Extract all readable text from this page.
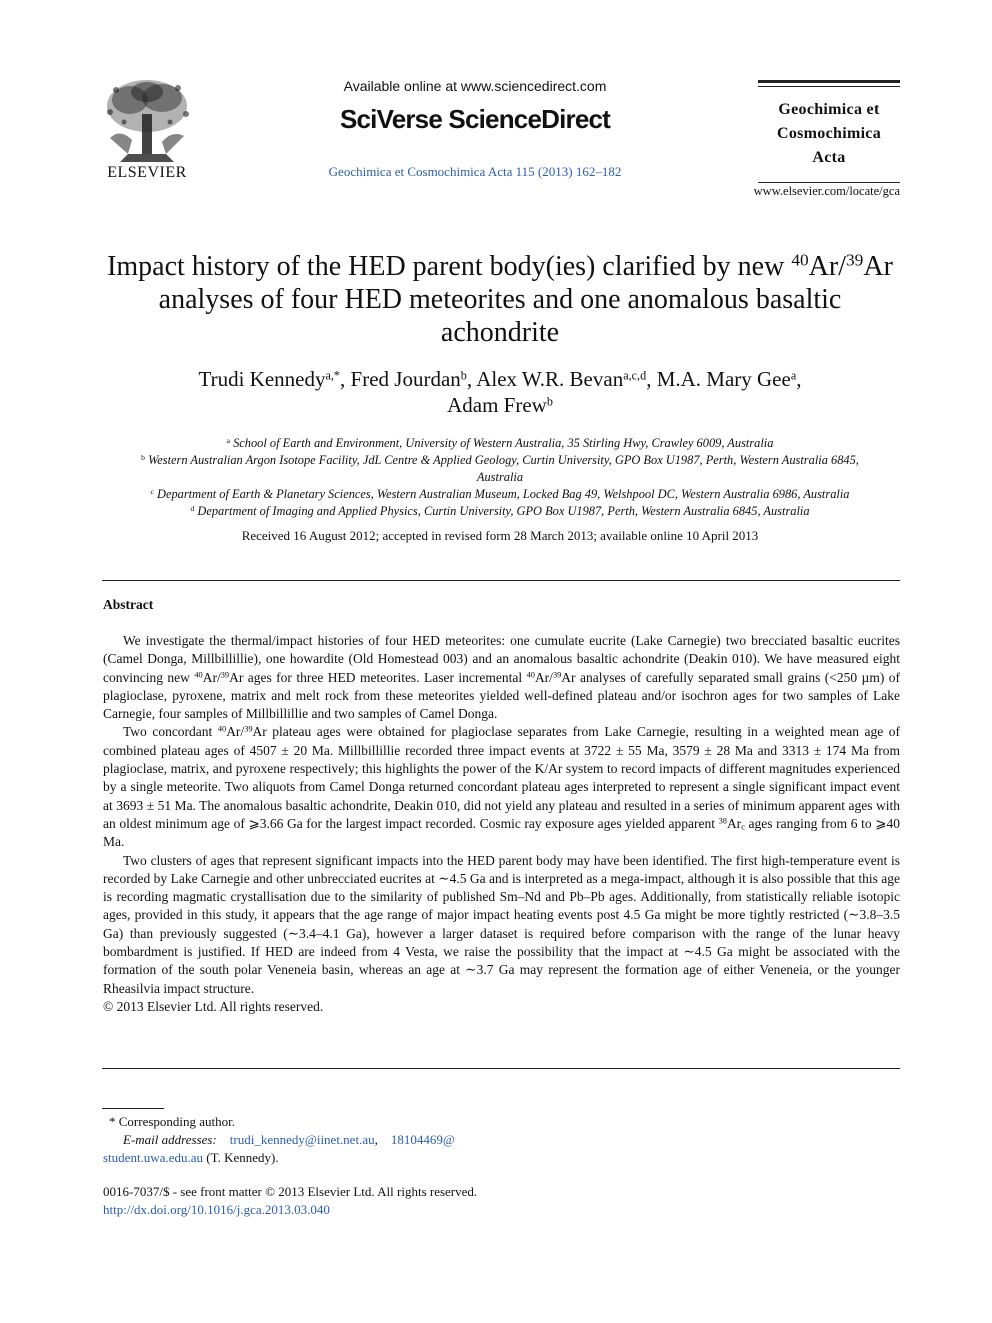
ELSEVIER
Available online at www.sciencedirect.com
SciVerse ScienceDirect
Geochimica et Cosmochimica Acta 115 (2013) 162–182
Geochimica et
Cosmochimica
Acta
www.elsevier.com/locate/gca
Impact history of the HED parent body(ies) clarified by new $^{40}$Ar/$^{39}$Ar analyses of four HED meteorites and one anomalous basaltic achondrite
Trudi Kennedy$^{a,*}$, Fred Jourdan$^b$, Alex W.R. Bevan$^{a,c,d}$, M.A. Mary Gee$^a$,
Adam Frew$^b$
$^a$ School of Earth and Environment, University of Western Australia, 35 Stirling Hwy, Crawley 6009, Australia
$^b$ Western Australian Argon Isotope Facility, JdL Centre & Applied Geology, Curtin University, GPO Box U1987, Perth, Western Australia 6845, Australia
$^c$ Department of Earth & Planetary Sciences, Western Australian Museum, Locked Bag 49, Welshpool DC, Western Australia 6986, Australia
$^d$ Department of Imaging and Applied Physics, Curtin University, GPO Box U1987, Perth, Western Australia 6845, Australia
Received 16 August 2012; accepted in revised form 28 March 2013; available online 10 April 2013
Abstract

We investigate the thermal/impact histories of four HED meteorites: one cumulate eucrite (Lake Carnegie) two brecciated basaltic eucrites (Camel Donga, Millbillillie), one howardite (Old Homestead 003) and an anomalous basaltic achondrite (Deakin 010). We have measured eight convincing new $^{40}$Ar/$^{39}$Ar ages for three HED meteorites. Laser incremental $^{40}$Ar/$^{39}$Ar analyses of carefully separated small grains (<250 µm) of plagioclase, pyroxene, matrix and melt rock from these meteorites yielded well-defined plateau and/or isochron ages for two samples of Lake Carnegie, four samples of Millbillillie and two samples of Camel Donga.

Two concordant $^{40}$Ar/$^{39}$Ar plateau ages were obtained for plagioclase separates from Lake Carnegie, resulting in a weighted mean age of combined plateau ages of 4507 ± 20 Ma. Millbillillie recorded three impact events at 3722 ± 55 Ma, 3579 ± 28 Ma and 3313 ± 174 Ma from plagioclase, matrix, and pyroxene respectively; this highlights the power of the K/Ar system to record impacts of different magnitudes experienced by a single meteorite. Two aliquots from Camel Donga returned concordant plateau ages interpreted to represent a single significant impact event at 3693 ± 51 Ma. The anomalous basaltic achondrite, Deakin 010, did not yield any plateau and resulted in a series of minimum apparent ages with an oldest minimum age of ⩾3.66 Ga for the largest impact recorded. Cosmic ray exposure ages yielded apparent $^{38}Ar_c$ ages ranging from 6 to ⩾40 Ma.

Two clusters of ages that represent significant impacts into the HED parent body may have been identified. The first high-temperature event is recorded by Lake Carnegie and other unbrecciated eucrites at ∼4.5 Ga and is interpreted as a mega-impact, although it is also possible that this age is recording magmatic crystallisation due to the similarity of published Sm–Nd and Pb–Pb ages. Additionally, from statistically reliable isotopic ages, provided in this study, it appears that the age range of major impact heating events post 4.5 Ga might be more tightly restricted (∼3.8–3.5 Ga) than previously suggested (∼3.4–4.1 Ga), however a larger dataset is required before comparison with the range of the lunar heavy bombardment is justified. If HED are indeed from 4 Vesta, we raise the possibility that the impact at ∼4.5 Ga might be associated with the formation of the south polar Veneneia basin, whereas an age at ∼3.7 Ga may represent the formation age of either Veneneia, or the younger Rheasilvia impact structure.

© 2013 Elsevier Ltd. All rights reserved.

* Corresponding author.
E-mail addresses: trudi_kennedy@iinet.net.au,    18104469@
student.uwa.edu.au (T. Kennedy).
0016-7037/$ - see front matter © 2013 Elsevier Ltd. All rights reserved.
http://dx.doi.org/10.1016/j.gca.2013.03.040
